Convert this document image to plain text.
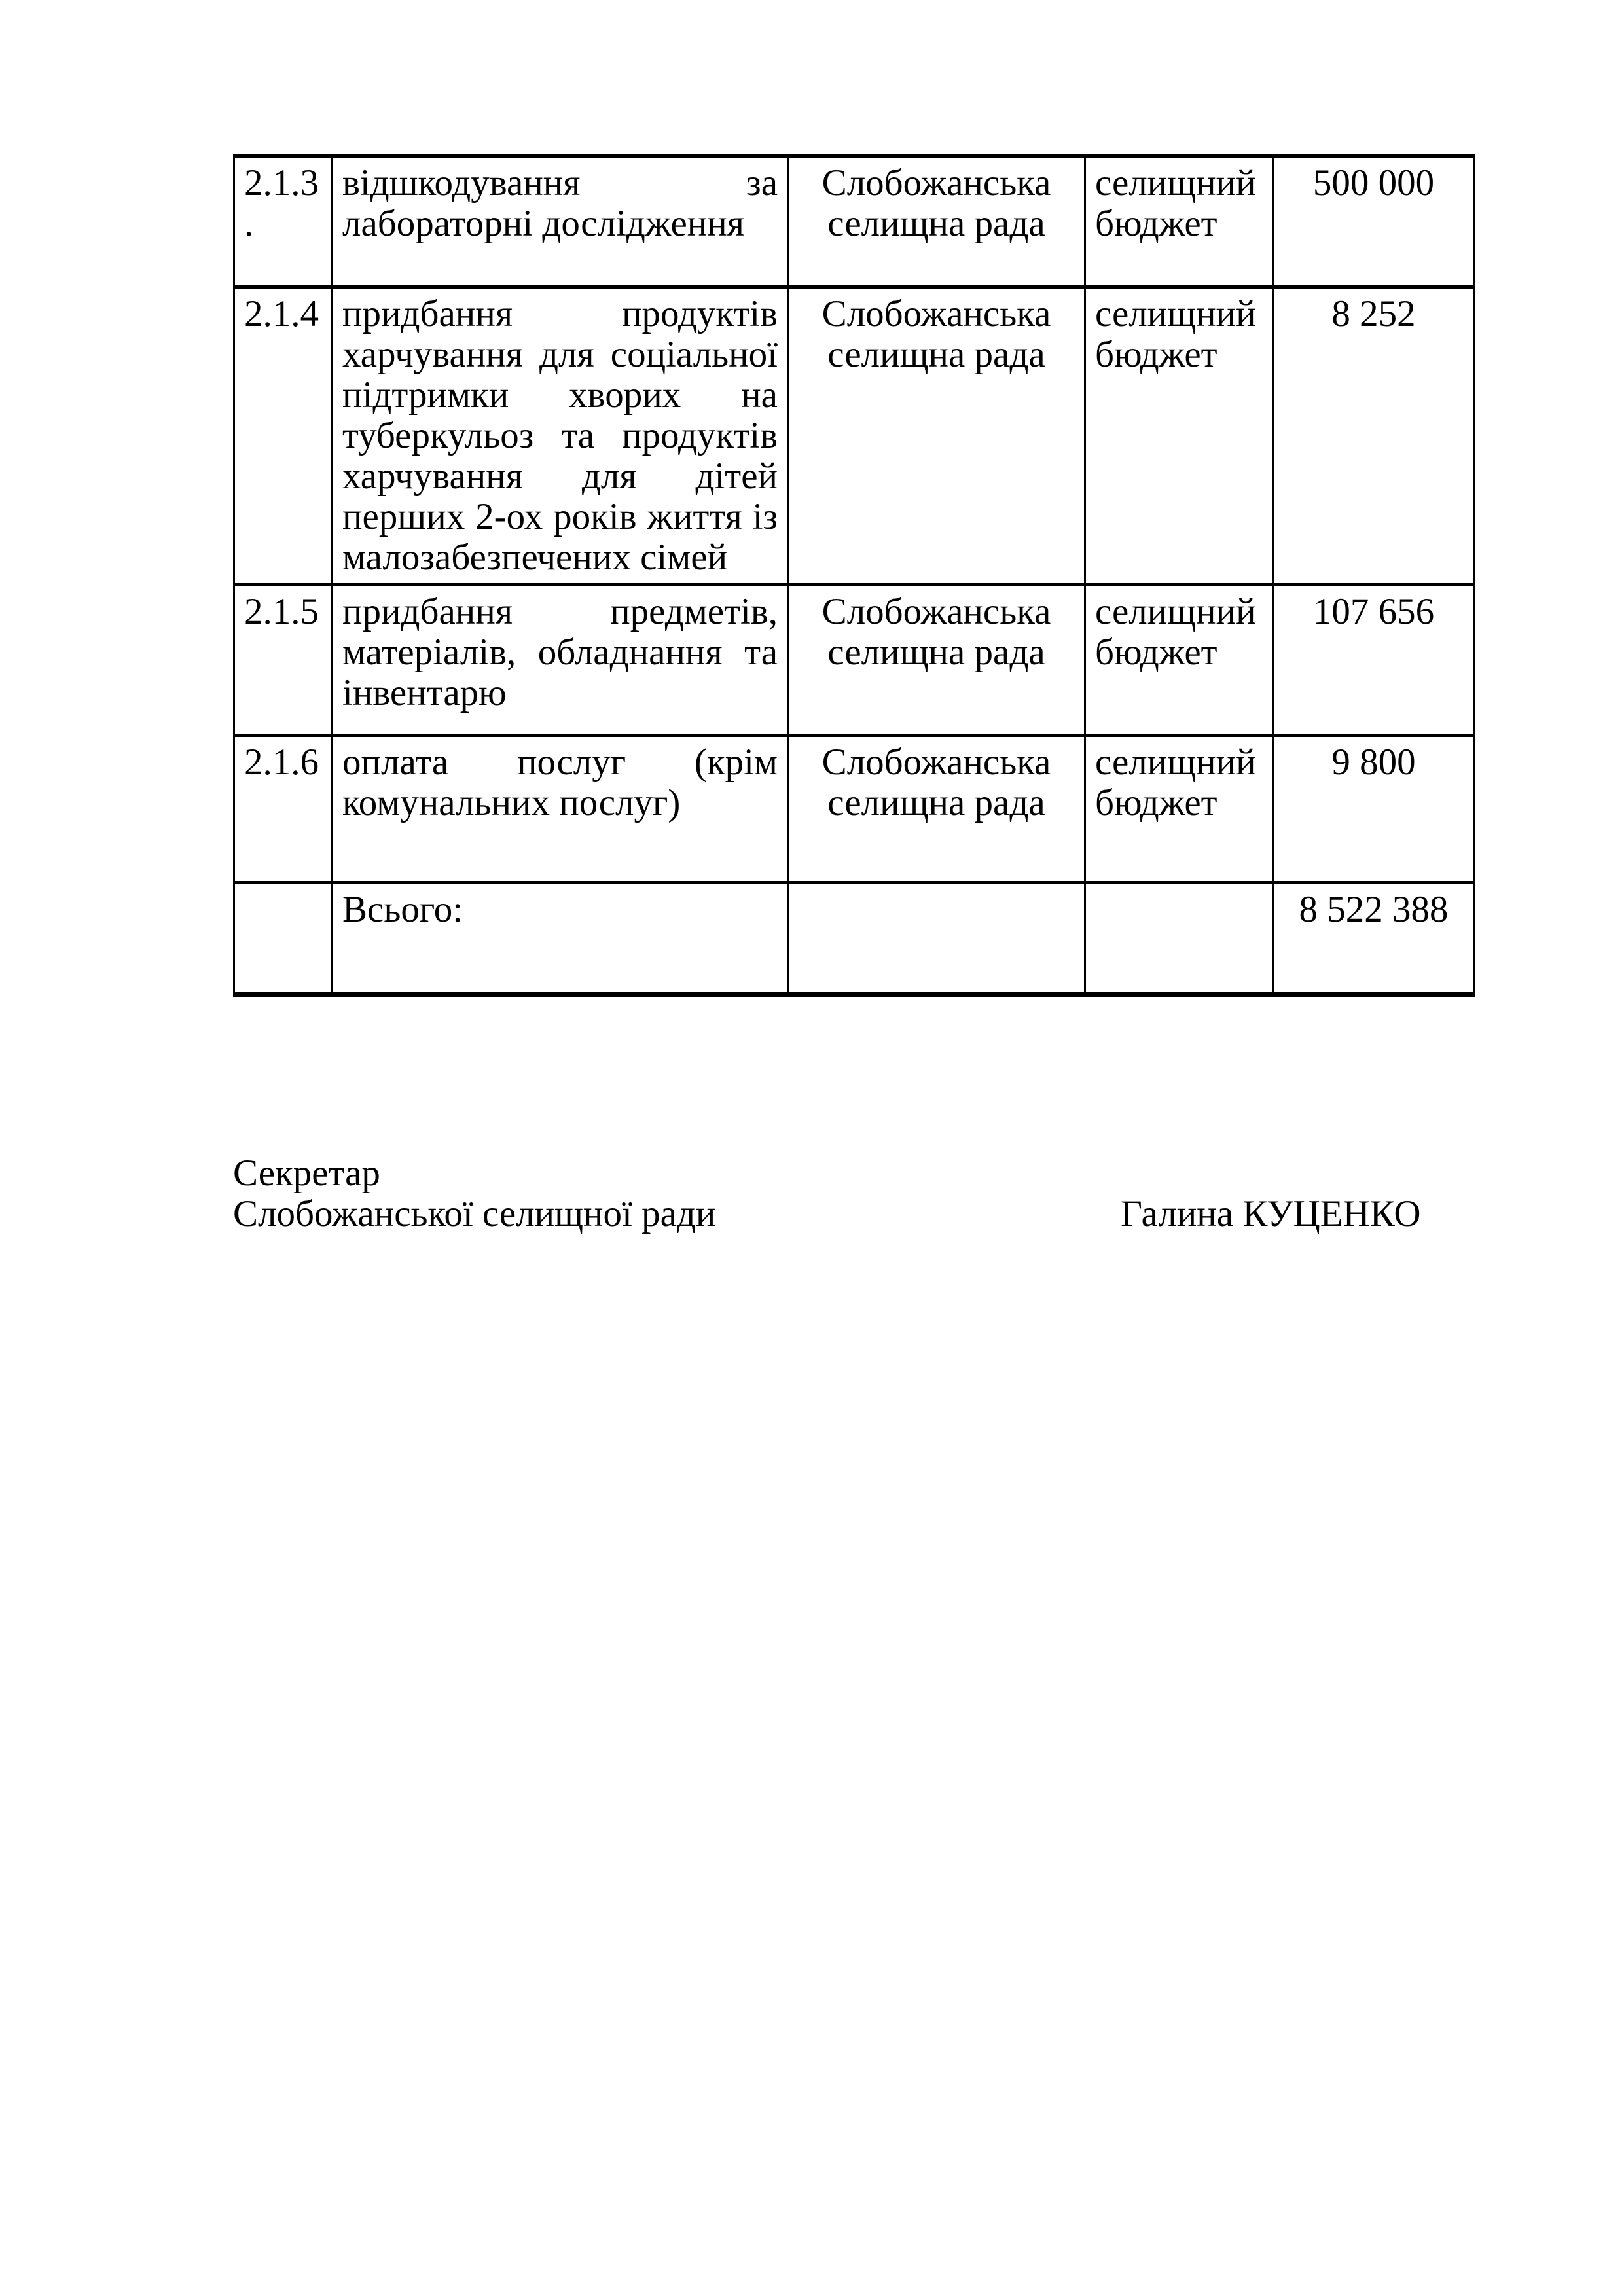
2.1.3.	відшкодування за лабораторні дослідження	Слобожанська селищна рада	селищний бюджет	500 000
2.1.4	придбання продуктів харчування для соціальної підтримки хворих на туберкульоз та продуктів харчування для дітей перших 2-ох років життя із малозабезпечених сімей	Слобожанська селищна рада	селищний бюджет	8 252
2.1.5	придбання предметів, матеріалів, обладнання та інвентарю	Слобожанська селищна рада	селищний бюджет	107 656
2.1.6	оплата послуг (крім комунальних послуг)	Слобожанська селищна рада	селищний бюджет	9 800
	Всього:			8 522 388
Секретар
Слобожанської селищної ради	Галина КУЦЕНКО
